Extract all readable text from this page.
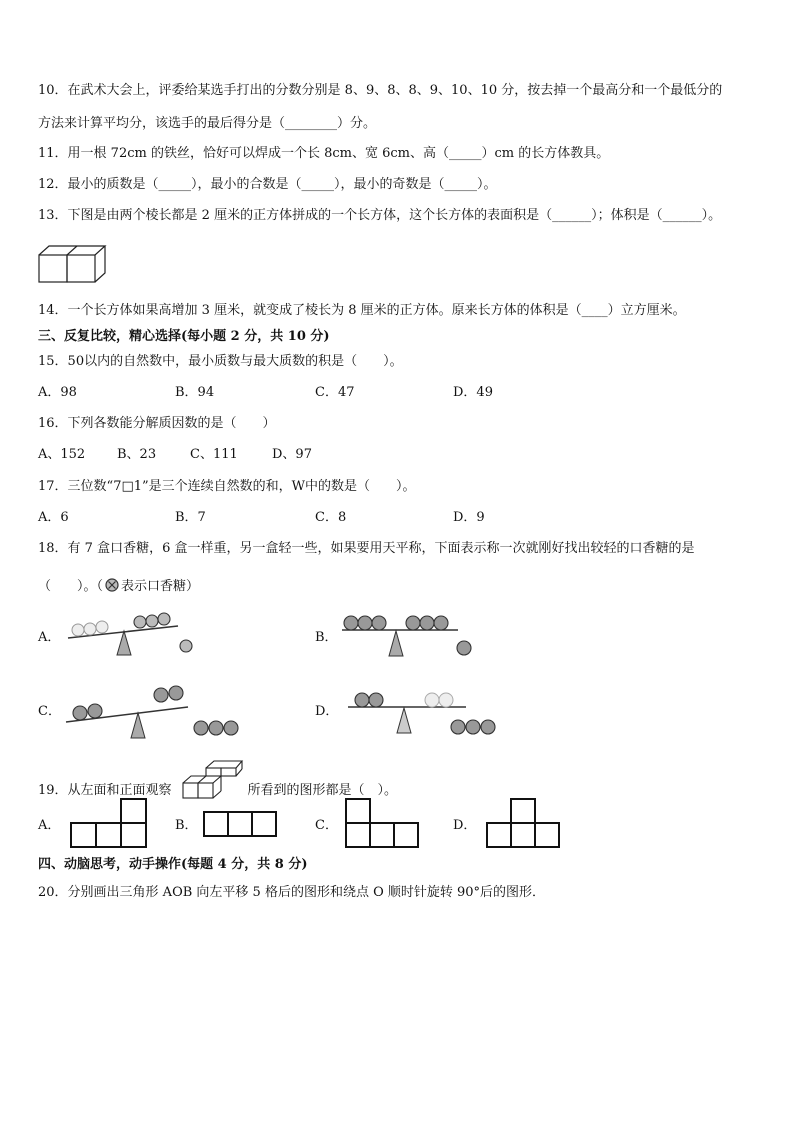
10．在武术大会上，评委给某选手打出的分数分别是 8、9、8、8、9、10、10 分，按去掉一个最高分和一个最低分的
方法来计算平均分，该选手的最后得分是（________）分。
11．用一根 72cm 的铁丝，恰好可以焊成一个长 8cm、宽 6cm、高（_____）cm 的长方体教具。
12．最小的质数是（_____），最小的合数是（_____），最小的奇数是（_____）。
13．下图是由两个棱长都是 2 厘米的正方体拼成的一个长方体，这个长方体的表面积是（______）；体积是（______）。
14．一个长方体如果高增加 3 厘米，就变成了棱长为 8 厘米的正方体。原来长方体的体积是（____）立方厘米。
三、反复比较，精心选择(每小题 2 分，共 10 分)
15．50以内的自然数中，最小质数与最大质数的积是（　　）。
A．98	B．94	C．47	D．49
16．下列各数能分解质因数的是（　　）
A、152 B、23	C、111	D、97
17．三位数“7□1”是三个连续自然数的和，W中的数是（　　）。
A．6	B．7	C．8	D．9
18．有 7 盒口香糖，6 盒一样重，另一盒轻一些，如果要用天平称，下面表示称一次就刚好找出较轻的口香糖的是
（　　）。（ 表示口香糖）
A．	B．
C．	D．
19．从左面和正面观察	所看到的图形都是（　）。
A．	B．	C．	D．
四、动脑思考，动手操作(每题 4 分，共 8 分)
20．分别画出三角形 AOB 向左平移 5 格后的图形和绕点 O 顺时针旋转 90°后的图形．
